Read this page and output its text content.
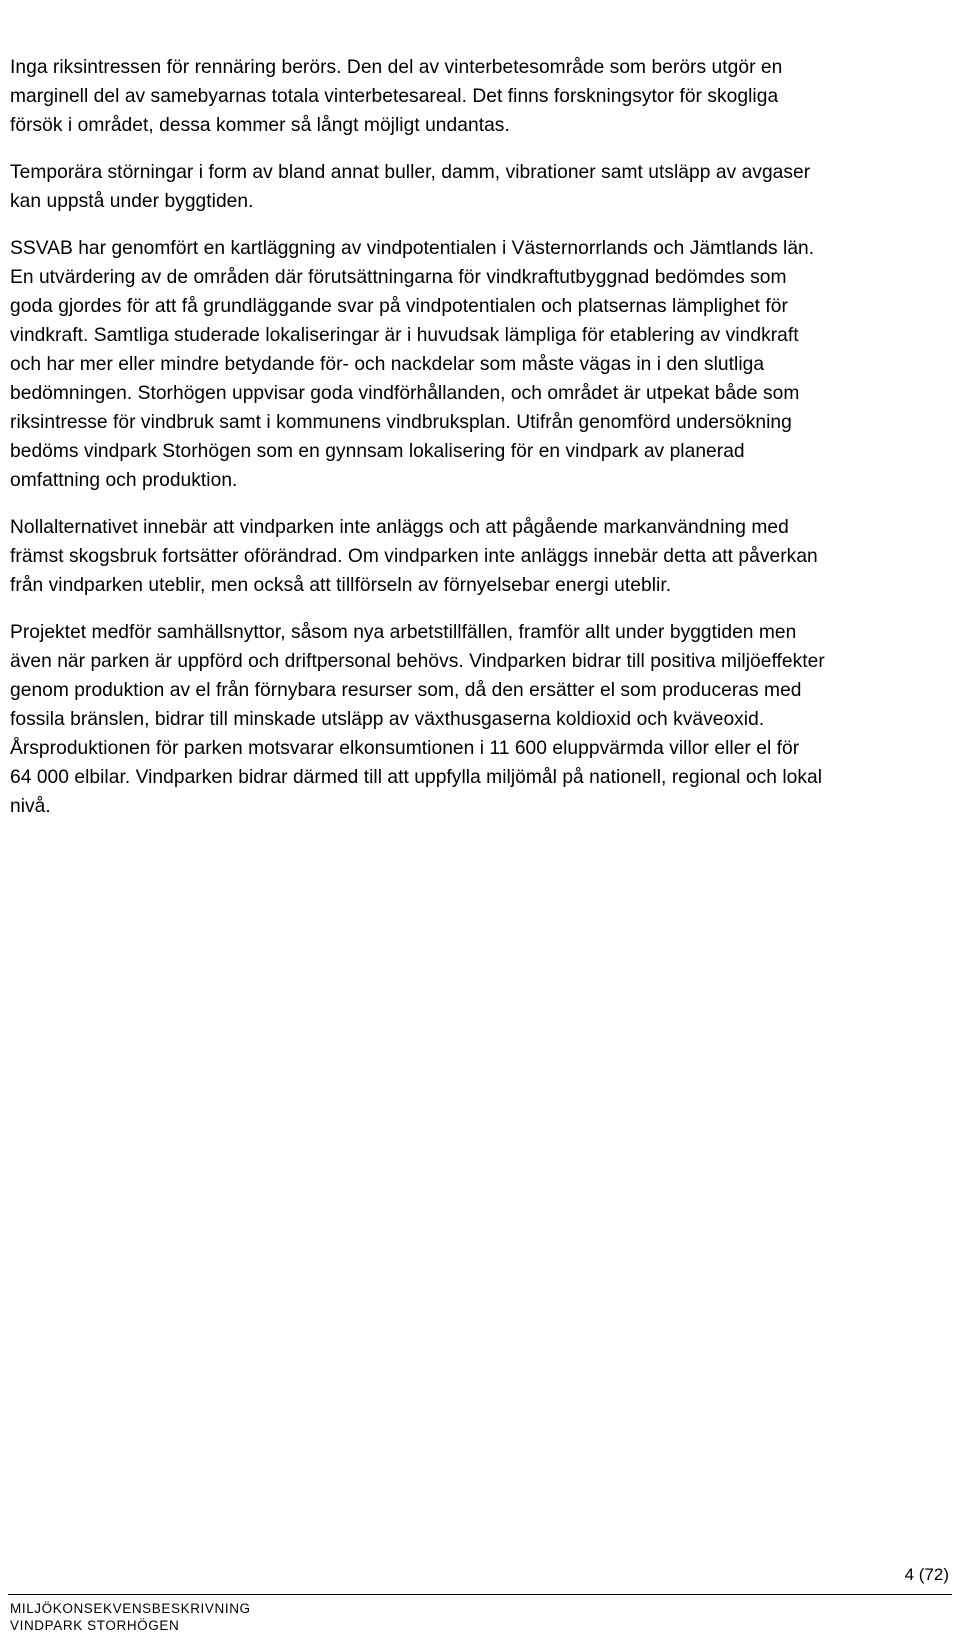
Inga riksintressen för rennäring berörs. Den del av vinterbetesområde som berörs utgör en
marginell del av samebyarnas totala vinterbetesareal. Det finns forskningsytor för skogliga
försök i området, dessa kommer så långt möjligt undantas.

Temporära störningar i form av bland annat buller, damm, vibrationer samt utsläpp av avgaser
kan uppstå under byggtiden.

SSVAB har genomfört en kartläggning av vindpotentialen i Västernorrlands och Jämtlands län.
En utvärdering av de områden där förutsättningarna för vindkraftutbyggnad bedömdes som
goda gjordes för att få grundläggande svar på vindpotentialen och platsernas lämplighet för
vindkraft. Samtliga studerade lokaliseringar är i huvudsak lämpliga för etablering av vindkraft
och har mer eller mindre betydande för- och nackdelar som måste vägas in i den slutliga
bedömningen. Storhögen uppvisar goda vindförhållanden, och området är utpekat både som
riksintresse för vindbruk samt i kommunens vindbruksplan. Utifrån genomförd undersökning
bedöms vindpark Storhögen som en gynnsam lokalisering för en vindpark av planerad
omfattning och produktion.

Nollalternativet innebär att vindparken inte anläggs och att pågående markanvändning med
främst skogsbruk fortsätter oförändrad. Om vindparken inte anläggs innebär detta att påverkan
från vindparken uteblir, men också att tillförseln av förnyelsebar energi uteblir.

Projektet medför samhällsnyttor, såsom nya arbetstillfällen, framför allt under byggtiden men
även när parken är uppförd och driftpersonal behövs. Vindparken bidrar till positiva miljöeffekter
genom produktion av el från förnybara resurser som, då den ersätter el som produceras med
fossila bränslen, bidrar till minskade utsläpp av växthusgaserna koldioxid och kväveoxid.
Årsproduktionen för parken motsvarar elkonsumtionen i 11 600 eluppvärmda villor eller el för
64 000 elbilar. Vindparken bidrar därmed till att uppfylla miljömål på nationell, regional och lokal
nivå.

4 (72)
MILJÖKONSEKVENSBESKRIVNING
VINDPARK STORHÖGEN
